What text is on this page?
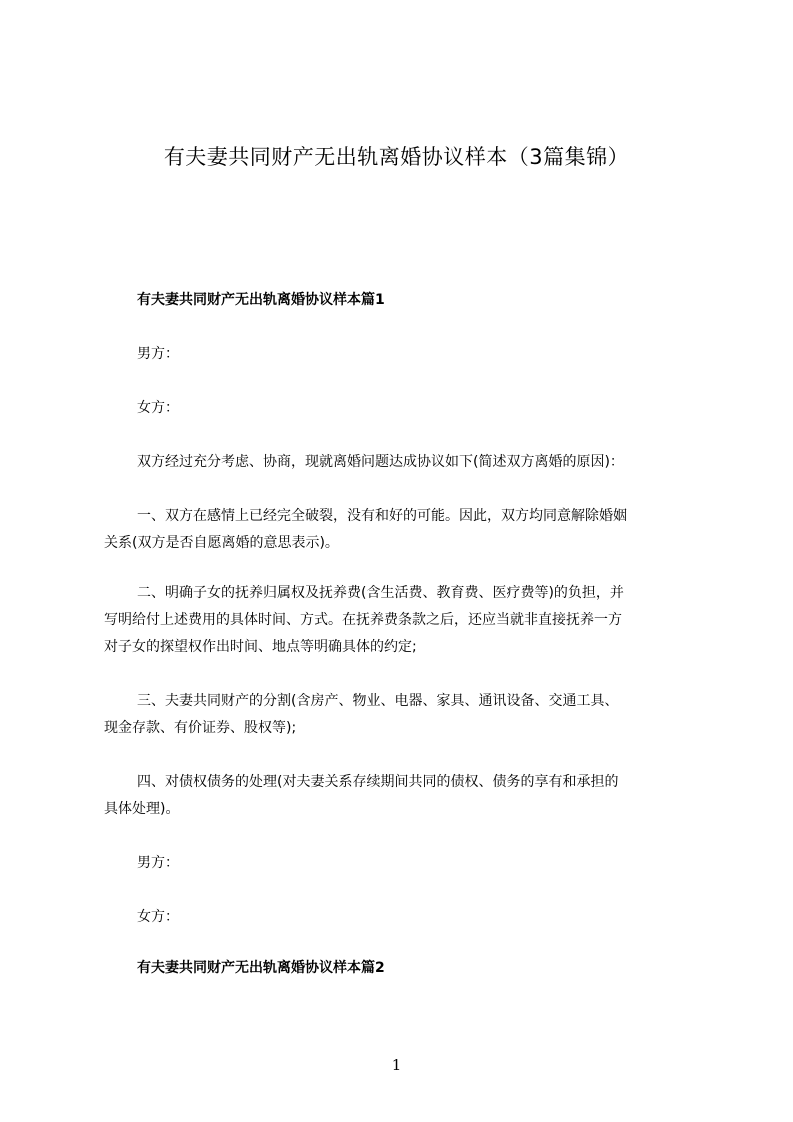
有夫妻共同财产无出轨离婚协议样本（3篇集锦）
有夫妻共同财产无出轨离婚协议样本篇1
男方：
女方：
双方经过充分考虑、协商，现就离婚问题达成协议如下(简述双方离婚的原因)：
一、双方在感情上已经完全破裂，没有和好的可能。因此，双方均同意解除婚姻
关系(双方是否自愿离婚的意思表示)。
二、明确子女的抚养归属权及抚养费(含生活费、教育费、医疗费等)的负担，并
写明给付上述费用的具体时间、方式。在抚养费条款之后，还应当就非直接抚养一方
对子女的探望权作出时间、地点等明确具体的约定;
三、夫妻共同财产的分割(含房产、物业、电器、家具、通讯设备、交通工具、
现金存款、有价证券、股权等);
四、对债权债务的处理(对夫妻关系存续期间共同的债权、债务的享有和承担的
具体处理)。
男方：
女方：
有夫妻共同财产无出轨离婚协议样本篇2
1
